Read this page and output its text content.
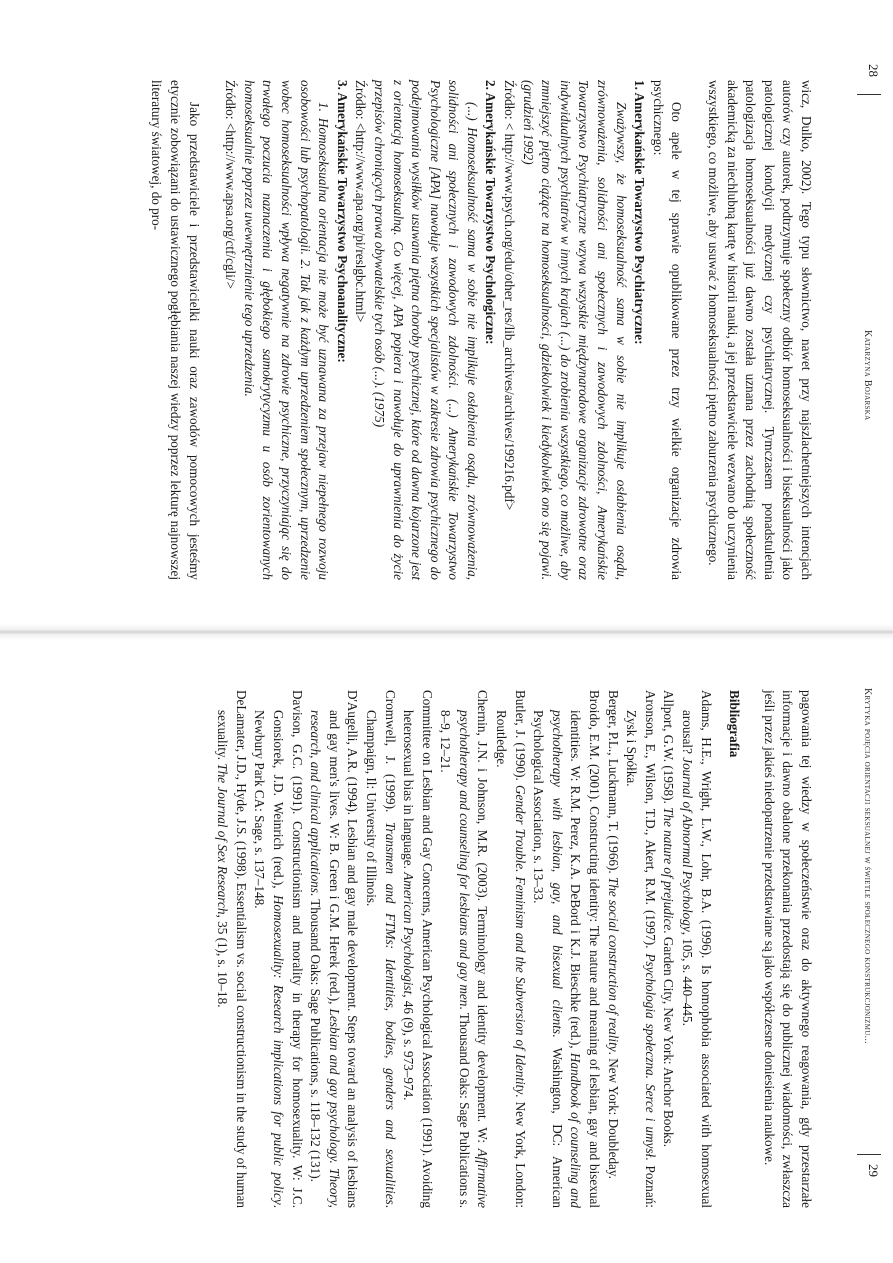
28
Katarzyna Bojarska

wicz, Dulko, 2002). Tego typu słownictwo, nawet przy najszlachetniejszych intencjach autorów czy autorek, podtrzymuje społeczny odbiór homoseksualności i biseksualności jako patologicznej kondycji medycznej czy psychiatrycznej. Tymczasem ponadstuletnia patologizacja homoseksualności już dawno została uznana przez zachodnią społeczność akademicką za niechlubną kartę w historii nauki, a jej przedstawiciele wezwano do uczynienia wszystkiego, co możliwe, aby usuwać z homoseksualności piętno zaburzenia psychicznego.

Oto apele w tej sprawie opublikowane przez trzy wielkie organizacje zdrowia psychicznego:

1. Amerykańskie Towarzystwo Psychiatryczne:

Zważywszy, że homoseksualność sama w sobie nie implikuje osłabienia osądu, zrównoważenia, solidności ani społecznych i zawodowych zdolności, Amerykańskie Towarzystwo Psychiatryczne wzywa wszystkie międzynarodowe organizacje zdrowotne oraz indywidualnych psychiatrów w innych krajach (...) do zrobienia wszystkiego, co możliwe, aby zmniejszyć piętno ciążące na homoseksualności, gdziekolwiek i kiedykolwiek ono się pojawi. (grudzień 1992)

Źródło: < http://www.psych.org/edu/other_res/lib_archives/archives/199216.pdf>

2. Amerykańskie Towarzystwo Psychologiczne:

(...) Homoseksualność sama w sobie nie implikuje osłabienia osądu, zrównoważenia, solidności ani społecznych i zawodowych zdolności. (...) Amerykańskie Towarzystwo Psychologiczne [APA] nawołuje wszystkich specjalistów w zakresie zdrowia psychicznego do podejmowania wysiłków usuwania piętna choroby psychicznej, które od dawna kojarzone jest z orientacją homoseksualną. Co więcej, APA popiera i nawołuje do uprawnienia do życie przepisów chroniących prawa obywatelskie tych osób (...). (1975)

Źródło: <http://www.apa.org/pi/reslgbc.html>

3. Amerykańskie Towarzystwo Psychoanalityczne:

1. Homoseksualna orientacja nie może być uznawana za przejaw niepełnego rozwoju osobowości lub psychopatologii. 2. Tak jak z każdym uprzedzeniem społecznym, uprzedzenie wobec homoseksualności wpływa negatywnie na zdrowie psychiczne, przyczyniając się do trwałego poczucia naznaczenia i głębokiego samokrytycyzmu u osób zorientowanych homoseksualnie poprzez uwewnętrznienie tego uprzedzenia.

Źródło: <http://www.apsa.org/ctf/cgli/>

Jako przedstawiciele i przedstawicielki nauki oraz zawodów pomocowych jesteśmy etycznie zobowiązani do ustawicznego pogłębiania naszej wiedzy poprzez lekturę najnowszej literatury światowej, do pro-

Krytyka pojęcia orientacji seksualnej w świetle społecznego konstrukcjonizmu...
29

pagowania tej wiedzy w społeczeństwie oraz do aktywnego reagowania, gdy przestarzałe informacje i dawno obalone przekonania przedostają się do publicznej wiadomości, zwłaszcza jeśli przez jakieś niedopatrzenie przedstawiane są jako współczesne doniesienia naukowe.

Bibliografia

Adams, H.E., Wright, L.W., Lohr, B.A. (1996). Is homophobia associated with homosexual arousal? Journal of Abnormal Psychology, 105, s. 440–445.

Allport, G.W. (1958). The nature of prejudice. Garden City, New York: Anchor Books.

Aronson, E., Wilson, T.D., Akert, R.M. (1997). Psychologia społeczna. Serce i umysł. Poznań: Zysk i Spółka.

Berger, P.L., Luckmann, T. (1966). The social construction of reality. New York: Doubleday.

Broido, E.M. (2001). Constructing identity: The nature and meaning of lesbian, gay and bisexual identities. W: R.M. Perez, K.A. DeBord i K.J. Bieschke (red.), Handbook of counseling and psychotherapy with lesbian, gay, and bisexual clients. Washington, DC: American Psychological Association, s. 13–33.

Butler, J. (1990). Gender Trouble. Feminism and the Subversion of Identity. New York, London: Routledge.

Chernin, J.N. i Johnson, M.R. (2003). Terminology and identity development. W: Affirmative psychotherapy and counseling for lesbians and gay men. Thousand Oaks: Sage Publications s. 8–9, 12–21.

Committee on Lesbian and Gay Concerns, American Psychological Association (1991). Avoiding heterosexual bias in language. American Psychologist, 46 (9), s. 973–974.

Cromwell, J. (1999). Transmen and FTMs: Identities, bodies, genders and sexualities. Champaign, Il: University of Illinois.

D'Augelli, A.R. (1994). Lesbian and gay male development. Steps toward an analysis of lesbians and gay men's lives. W: B. Green i G.M. Herek (red.), Lesbian and gay psychology. Theory, research, and clinical applications. Thousand Oaks: Sage Publications, s. 118–132 (131).

Davison, G.C. (1991). Constructionism and morality in therapy for homosexuality. W: J.C. Gonsiorek, J.D. Weinrich (red.), Homosexuality: Research implications for public policy. Newbury Park CA: Sage, s. 137–148.

DeLamater, J.D., Hyde, J.S. (1998). Essentialism vs. social constructionism in the study of human sexuality. The Journal of Sex Research, 35 (1), s. 10–18.
